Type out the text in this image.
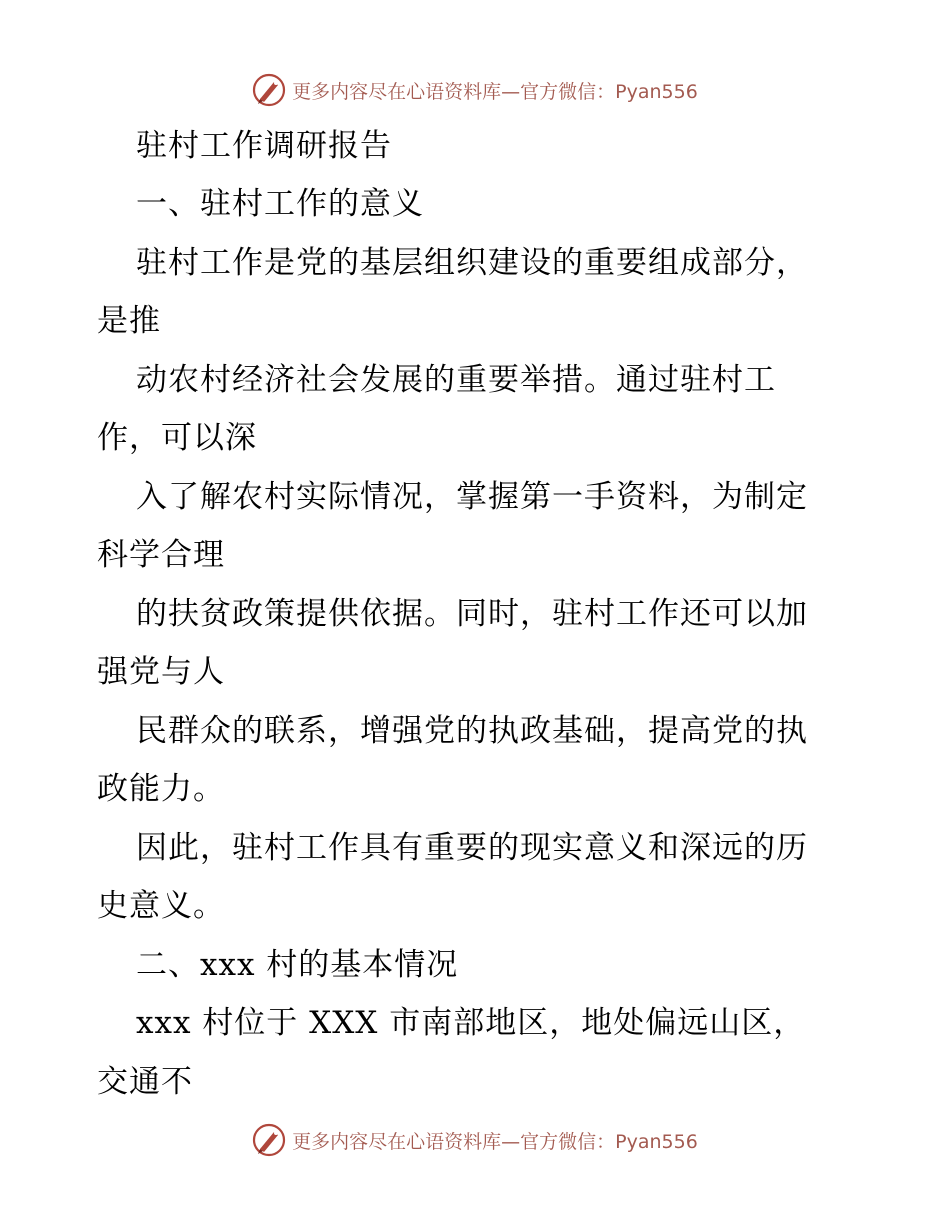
更多内容尽在心语资料库—官方微信：Pyan556
驻村工作调研报告
一、驻村工作的意义
驻村工作是党的基层组织建设的重要组成部分，
是推
动农村经济社会发展的重要举措。通过驻村工
作，可以深
入了解农村实际情况，掌握第一手资料，为制定
科学合理
的扶贫政策提供依据。同时，驻村工作还可以加
强党与人
民群众的联系，增强党的执政基础，提高党的执
政能力。
因此，驻村工作具有重要的现实意义和深远的历
史意义。
二、xxx 村的基本情况
xxx 村位于 XXX 市南部地区，地处偏远山区，
交通不
更多内容尽在心语资料库—官方微信：Pyan556
